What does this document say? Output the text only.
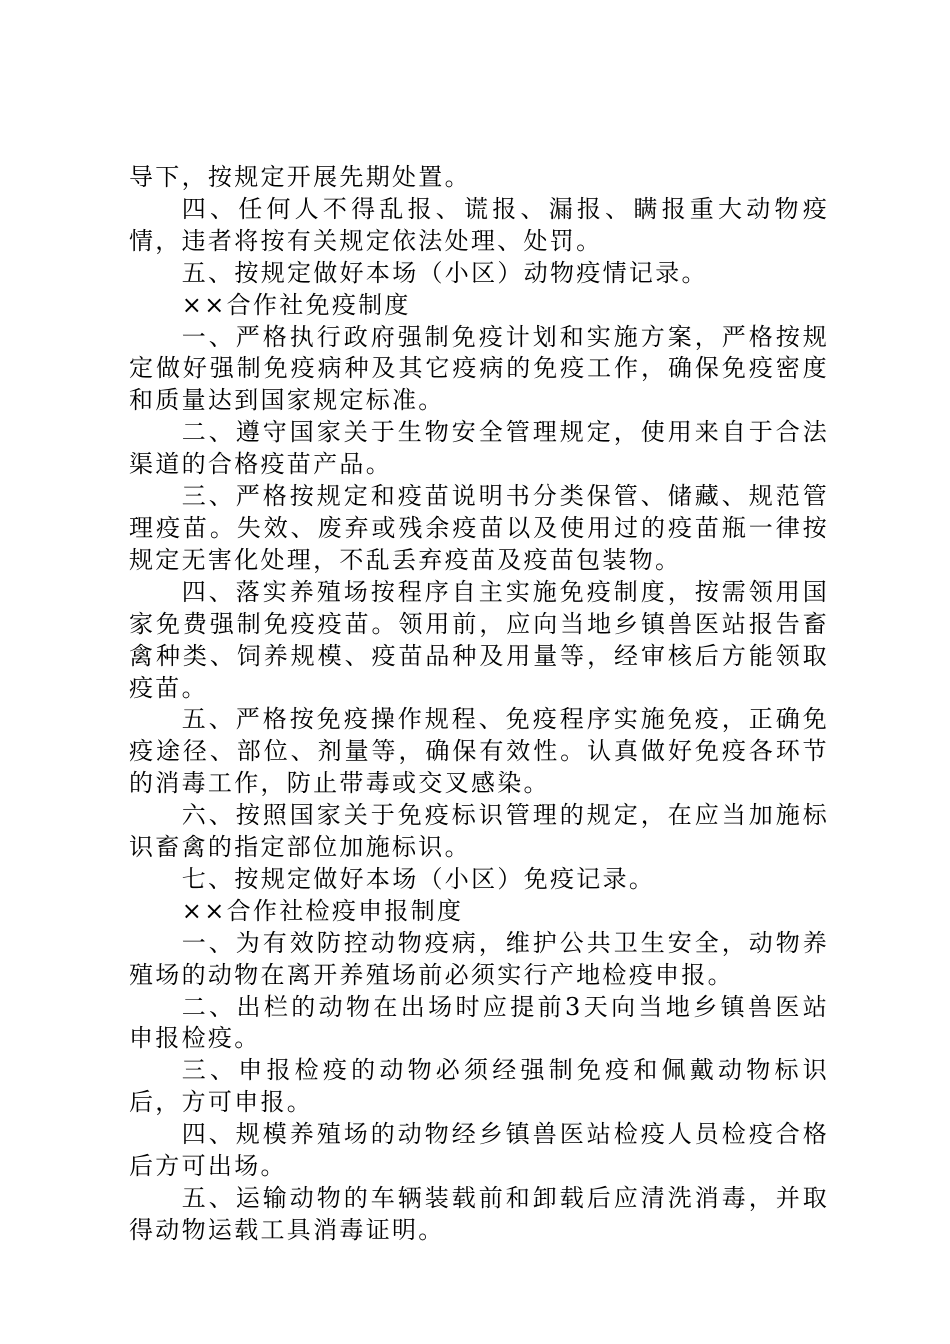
导下，按规定开展先期处置。

四、任何人不得乱报、谎报、漏报、瞒报重大动物疫情，违者将按有关规定依法处理、处罚。

五、按规定做好本场（小区）动物疫情记录。

××合作社免疫制度

一、严格执行政府强制免疫计划和实施方案，严格按规定做好强制免疫病种及其它疫病的免疫工作，确保免疫密度和质量达到国家规定标准。

二、遵守国家关于生物安全管理规定，使用来自于合法渠道的合格疫苗产品。

三、严格按规定和疫苗说明书分类保管、储藏、规范管理疫苗。失效、废弃或残余疫苗以及使用过的疫苗瓶一律按规定无害化处理，不乱丢弃疫苗及疫苗包装物。

四、落实养殖场按程序自主实施免疫制度，按需领用国家免费强制免疫疫苗。领用前，应向当地乡镇兽医站报告畜禽种类、饲养规模、疫苗品种及用量等，经审核后方能领取疫苗。

五、严格按免疫操作规程、免疫程序实施免疫，正确免疫途径、部位、剂量等，确保有效性。认真做好免疫各环节的消毒工作，防止带毒或交叉感染。

六、按照国家关于免疫标识管理的规定，在应当加施标识畜禽的指定部位加施标识。

七、按规定做好本场（小区）免疫记录。

××合作社检疫申报制度

一、为有效防控动物疫病，维护公共卫生安全，动物养殖场的动物在离开养殖场前必须实行产地检疫申报。

二、出栏的动物在出场时应提前3天向当地乡镇兽医站申报检疫。

三、申报检疫的动物必须经强制免疫和佩戴动物标识后，方可申报。

四、规模养殖场的动物经乡镇兽医站检疫人员检疫合格后方可出场。

五、运输动物的车辆装载前和卸载后应清洗消毒，并取得动物运载工具消毒证明。
